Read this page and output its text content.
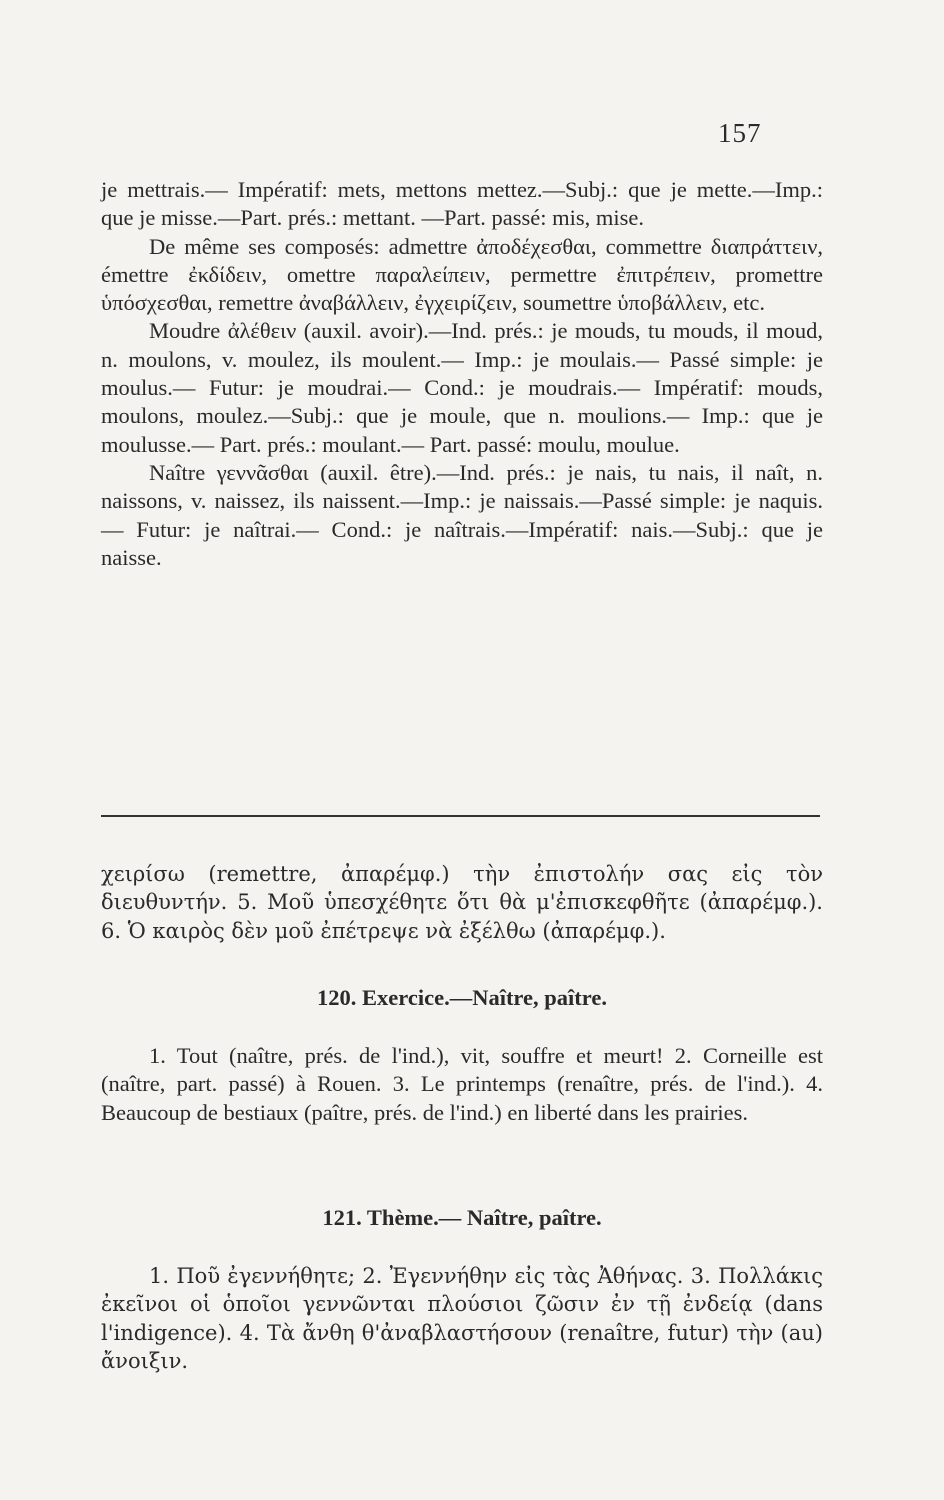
157

je mettrais.— Impératif: mets, mettons mettez.—Subj.: que je mette.—Imp.: que je misse.—Part. prés.: mettant. —Part. passé: mis, mise.

De même ses composés: admettre ἀποδέχεσθαι, commettre διαπράττειν, émettre ἐκδίδειν, omettre παραλείπειν, permettre ἐπιτρέπειν, promettre ὑπόσχεσθαι, remettre ἀναβάλλειν, ἐγχειρίζειν, soumettre ὑποβάλλειν, etc.

Moudre ἀλέθειν (auxil. avoir).—Ind. prés.: je mouds, tu mouds, il moud, n. moulons, v. moulez, ils moulent.— Imp.: je moulais.— Passé simple: je moulus.— Futur: je moudrai.— Cond.: je moudrais.— Impératif: mouds, moulons, moulez.—Subj.: que je moule, que n. moulions.— Imp.: que je moulusse.— Part. prés.: moulant.— Part. passé: moulu, moulue.

Naître γεννᾶσθαι (auxil. être).—Ind. prés.: je nais, tu nais, il naît, n. naissons, v. naissez, ils naissent.—Imp.: je naissais.—Passé simple: je naquis. — Futur: je naîtrai.— Cond.: je naîtrais.—Impératif: nais.—Subj.: que je naisse.

χειρίσω (remettre, ἀπαρέμφ.) τὴν ἐπιστολήν σας εἰς τὸν διευθυντήν. 5. Μοῦ ὑπεσχέθητε ὅτι θὰ μ'ἐπισκεφθῆτε (ἀπαρέμφ.). 6. Ὁ καιρὸς δὲν μοῦ ἐπέτρεψε νὰ ἐξέλθω (ἀπαρέμφ.).

120. Exercice.—Naître, paître.

1. Tout (naître, prés. de l'ind.), vit, souffre et meurt! 2. Corneille est (naître, part. passé) à Rouen. 3. Le printemps (renaître, prés. de l'ind.). 4. Beaucoup de bestiaux (paître, prés. de l'ind.) en liberté dans les prairies.

121. Thème.— Naître, paître.

1. Ποῦ ἐγεννήθητε; 2. Ἐγεννήθην εἰς τὰς Ἀθήνας. 3. Πολλάκις ἐκεῖνοι οἱ ὁποῖοι γεννῶνται πλούσιοι ζῶσιν ἐν τῇ ἐνδείᾳ (dans l'indigence). 4. Τὰ ἄνθη θ'ἀναβλαστήσουν (renaître, futur) τὴν (au) ἄνοιξιν.
